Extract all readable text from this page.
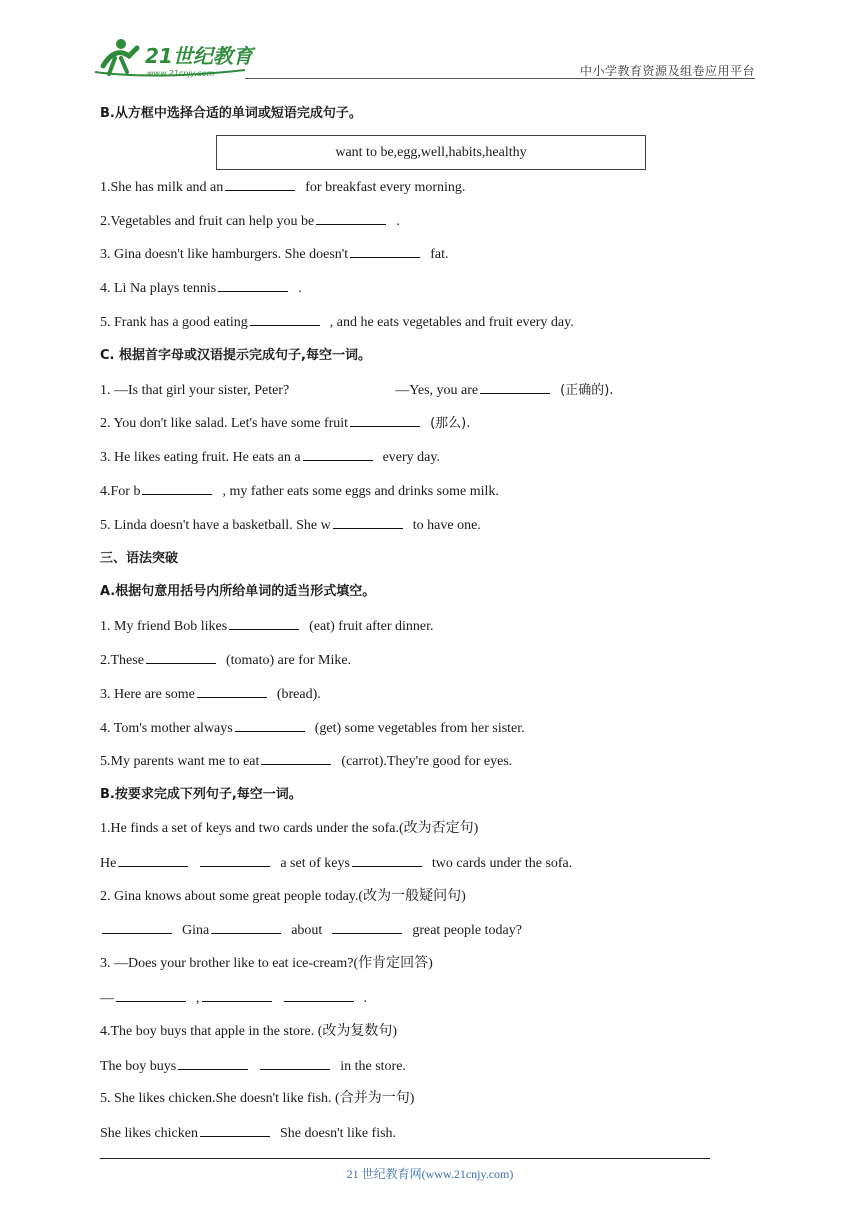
21世纪教育
www.21cnjy.com	中小学教育资源及组卷应用平台
B.从方框中选择合适的单词或短语完成句子。
want to be,egg,well,habits,healthy
1.She has milk and an	for breakfast every morning.
2.Vegetables and fruit can help you be	.
3. Gina doesn't like hamburgers. She doesn't	fat.
4. Li Na plays tennis	.
5. Frank has a good eating	, and he eats vegetables and fruit every day.
C. 根据首字母或汉语提示完成句子,每空一词。
1. —Is that girl your sister, Peter?	—Yes, you are	(正确的).
2. You don't like salad. Let's have some fruit	(那么).
3. He likes eating fruit. He eats an a	every day.
4.For b	, my father eats some eggs and drinks some milk.
5. Linda doesn't have a basketball. She w	to have one.
三、语法突破
A.根据句意用括号内所给单词的适当形式填空。
1. My friend Bob likes	(eat) fruit after dinner.
2.These	(tomato) are for Mike.
3. Here are some	(bread).
4. Tom's mother always	(get) some vegetables from her sister.
5.My parents want me to eat	(carrot).They're good for eyes.
B.按要求完成下列句子,每空一词。
1.He finds a set of keys and two cards under the sofa.(改为否定句)
He	a set of keys	two cards under the sofa.
2. Gina knows about some great people today.(改为一般疑问句)
Gina	about	great people today?
3. —Does your brother like to eat ice-cream?(作肯定回答)
—	,	.
4.The boy buys that apple in the store. (改为复数句)
The boy buys	in the store.
5. She likes chicken.She doesn't like fish. (合并为一句)
She likes chicken	She doesn't like fish.
21 世纪教育网(www.21cnjy.com)
